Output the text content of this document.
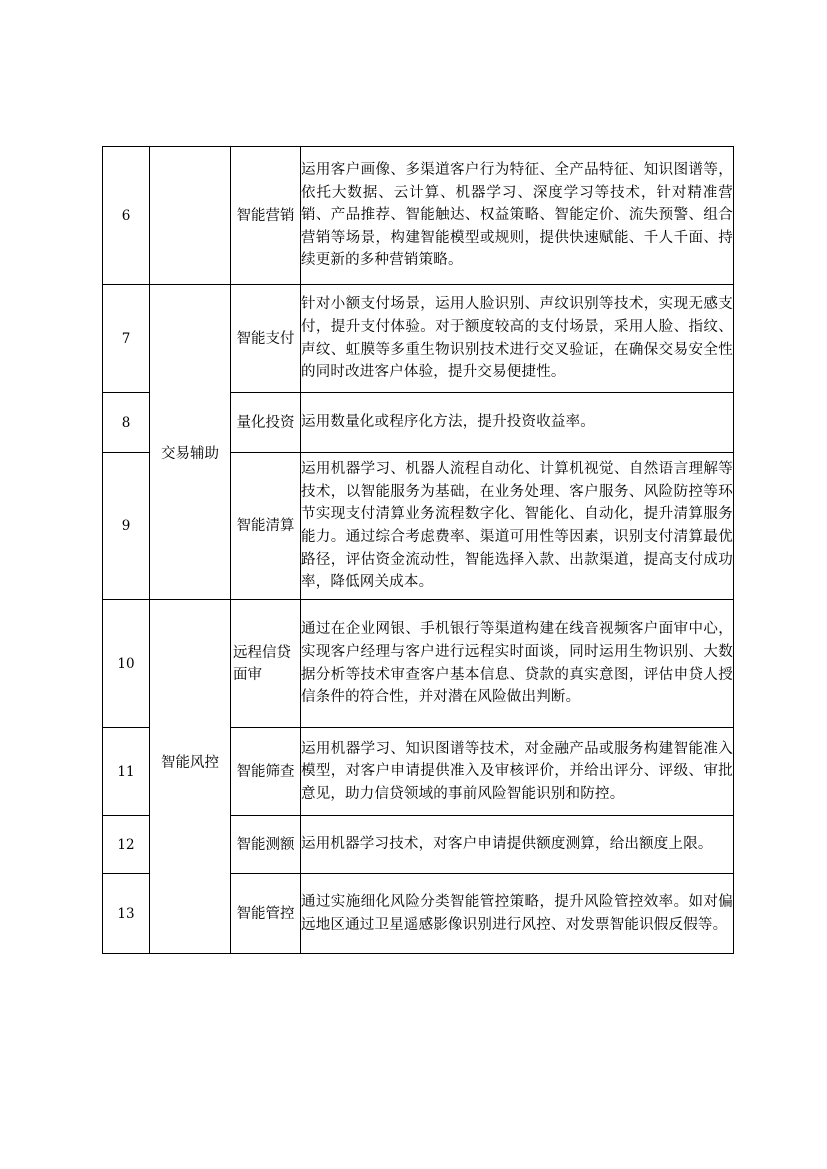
6		智能营销	运用客户画像、多渠道客户行为特征、全产品特征、知识图谱等，依托大数据、云计算、机器学习、深度学习等技术，针对精准营销、产品推荐、智能触达、权益策略、智能定价、流失预警、组合营销等场景，构建智能模型或规则，提供快速赋能、千人千面、持续更新的多种营销策略。
7	交易辅助	智能支付	针对小额支付场景，运用人脸识别、声纹识别等技术，实现无感支付，提升支付体验。对于额度较高的支付场景，采用人脸、指纹、声纹、虹膜等多重生物识别技术进行交叉验证，在确保交易安全性的同时改进客户体验，提升交易便捷性。
8		量化投资	运用数量化或程序化方法，提升投资收益率。
9		智能清算	运用机器学习、机器人流程自动化、计算机视觉、自然语言理解等技术，以智能服务为基础，在业务处理、客户服务、风险防控等环节实现支付清算业务流程数字化、智能化、自动化，提升清算服务能力。通过综合考虑费率、渠道可用性等因素，识别支付清算最优路径，评估资金流动性，智能选择入款、出款渠道，提高支付成功率，降低网关成本。
10	智能风控	远程信贷面审	通过在企业网银、手机银行等渠道构建在线音视频客户面审中心，实现客户经理与客户进行远程实时面谈，同时运用生物识别、大数据分析等技术审查客户基本信息、贷款的真实意图，评估申贷人授信条件的符合性，并对潜在风险做出判断。
11		智能筛查	运用机器学习、知识图谱等技术，对金融产品或服务构建智能准入模型，对客户申请提供准入及审核评价，并给出评分、评级、审批意见，助力信贷领域的事前风险智能识别和防控。
12		智能测额	运用机器学习技术，对客户申请提供额度测算，给出额度上限。
13		智能管控	通过实施细化风险分类智能管控策略，提升风险管控效率。如对偏远地区通过卫星遥感影像识别进行风控、对发票智能识假反假等。
